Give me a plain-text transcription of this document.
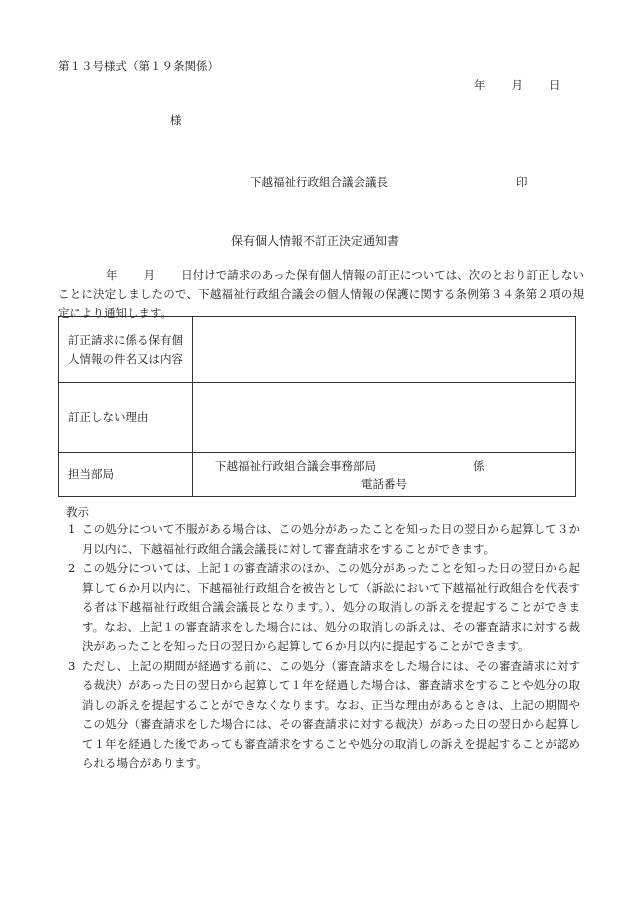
第１３号様式（第１９条関係）
年 月 日
様
下越福祉行政組合議会議長	印
保有個人情報不訂正決定通知書
年 月 日付けで請求のあった保有個人情報の訂正については、次のとおり訂正しないことに決定しましたので、下越福祉行政組合議会の個人情報の保護に関する条例第３４条第２項の規定により通知します。
訂正請求に係る保有個人情報の件名又は内容	
訂正しない理由	
担当部局	下越福祉行政組合議会事務部局 係
電話番号
教示
1 この処分について不服がある場合は、この処分があったことを知った日の翌日から起算して３か月以内に、下越福祉行政組合議会議長に対して審査請求をすることができます。
2 この処分については、上記１の審査請求のほか、この処分があったことを知った日の翌日から起算して６か月以内に、下越福祉行政組合を被告として（訴訟において下越福祉行政組合を代表する者は下越福祉行政組合議会議長となります。）、処分の取消しの訴えを提起することができます。なお、上記１の審査請求をした場合には、処分の取消しの訴えは、その審査請求に対する裁決があったことを知った日の翌日から起算して６か月以内に提起することができます。
3 ただし、上記の期間が経過する前に、この処分（審査請求をした場合には、その審査請求に対する裁決）があった日の翌日から起算して１年を経過した場合は、審査請求をすることや処分の取消しの訴えを提起することができなくなります。なお、正当な理由があるときは、上記の期間やこの処分（審査請求をした場合には、その審査請求に対する裁決）があった日の翌日から起算して１年を経過した後であっても審査請求をすることや処分の取消しの訴えを提起することが認められる場合があります。
